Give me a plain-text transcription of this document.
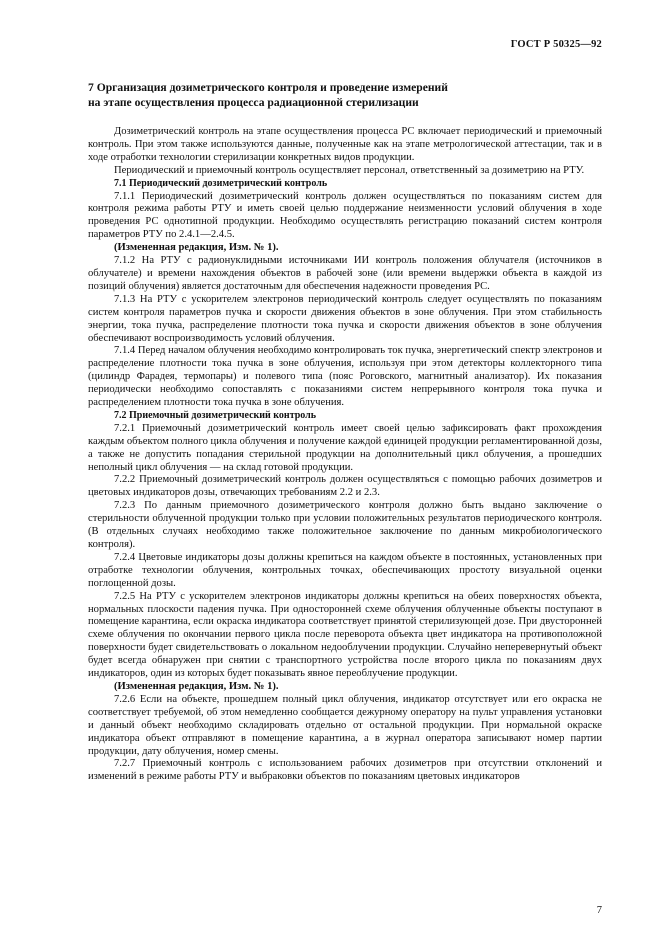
ГОСТ Р 50325—92
7 Организация дозиметрического контроля и проведение измерений
на этапе осуществления процесса радиационной стерилизации

Дозиметрический контроль на этапе осуществления процесса РС включает периодический и приемочный контроль. При этом также используются данные, полученные как на этапе метрологической аттестации, так и в ходе отработки технологии стерилизации конкретных видов продукции.

Периодический и приемочный контроль осуществляет персонал, ответственный за дозиметрию на РТУ.

7.1 Периодический дозиметрический контроль

7.1.1 Периодический дозиметрический контроль должен осуществляться по показаниям систем для контроля режима работы РТУ и иметь своей целью поддержание неизменности условий облучения в ходе проведения РС однотипной продукции. Необходимо осуществлять регистрацию показаний систем контроля параметров РТУ по 2.4.1—2.4.5.

(Измененная редакция, Изм. № 1).

7.1.2 На РТУ с радионуклидными источниками ИИ контроль положения облучателя (источников в облучателе) и времени нахождения объектов в рабочей зоне (или времени выдержки объекта в каждой из позиций облучения) является достаточным для обеспечения надежности проведения РС.

7.1.3 На РТУ с ускорителем электронов периодический контроль следует осуществлять по показаниям систем контроля параметров пучка и скорости движения объектов в зоне облучения. При этом стабильность энергии, тока пучка, распределение плотности тока пучка и скорости движения объектов в зоне облучения обеспечивают воспроизводимость условий облучения.

7.1.4 Перед началом облучения необходимо контролировать ток пучка, энергетический спектр электронов и распределение плотности тока пучка в зоне облучения, используя при этом детекторы коллекторного типа (цилиндр Фарадея, термопары) и полевого типа (пояс Роговского, магнитный анализатор). Их показания периодически необходимо сопоставлять с показаниями систем непрерывного контроля тока пучка и распределением плотности тока пучка в зоне облучения.

7.2 Приемочный дозиметрический контроль

7.2.1 Приемочный дозиметрический контроль имеет своей целью зафиксировать факт прохождения каждым объектом полного цикла облучения и получение каждой единицей продукции регламентированной дозы, а также не допустить попадания стерильной продукции на дополнительный цикл облучения, а прошедших неполный цикл облучения — на склад готовой продукции.

7.2.2 Приемочный дозиметрический контроль должен осуществляться с помощью рабочих дозиметров и цветовых индикаторов дозы, отвечающих требованиям 2.2 и 2.3.

7.2.3 По данным приемочного дозиметрического контроля должно быть выдано заключение о стерильности облученной продукции только при условии положительных результатов периодического контроля. (В отдельных случаях необходимо также положительное заключение по данным микробиологического контроля).

7.2.4 Цветовые индикаторы дозы должны крепиться на каждом объекте в постоянных, установленных при отработке технологии облучения, контрольных точках, обеспечивающих простоту визуальной оценки поглощенной дозы.

7.2.5 На РТУ с ускорителем электронов индикаторы должны крепиться на обеих поверхностях объекта, нормальных плоскости падения пучка. При односторонней схеме облучения облученные объекты поступают в помещение карантина, если окраска индикатора соответствует принятой стерилизующей дозе. При двусторонней схеме облучения по окончании первого цикла после переворота объекта цвет индикатора на противоположной поверхности будет свидетельствовать о локальном недооблучении продукции. Случайно неперевернутый объект будет всегда обнаружен при снятии с транспортного устройства после второго цикла по показаниям двух индикаторов, один из которых будет показывать явное переоблучение продукции.

(Измененная редакция, Изм. № 1).

7.2.6 Если на объекте, прошедшем полный цикл облучения, индикатор отсутствует или его окраска не соответствует требуемой, об этом немедленно сообщается дежурному оператору на пульт управления установки и данный объект необходимо складировать отдельно от остальной продукции. При нормальной окраске индикатора объект отправляют в помещение карантина, а в журнал оператора записывают номер партии продукции, дату облучения, номер смены.

7.2.7 Приемочный контроль с использованием рабочих дозиметров при отсутствии отклонений и изменений в режиме работы РТУ и выбраковки объектов по показаниям цветовых индикаторов

7
